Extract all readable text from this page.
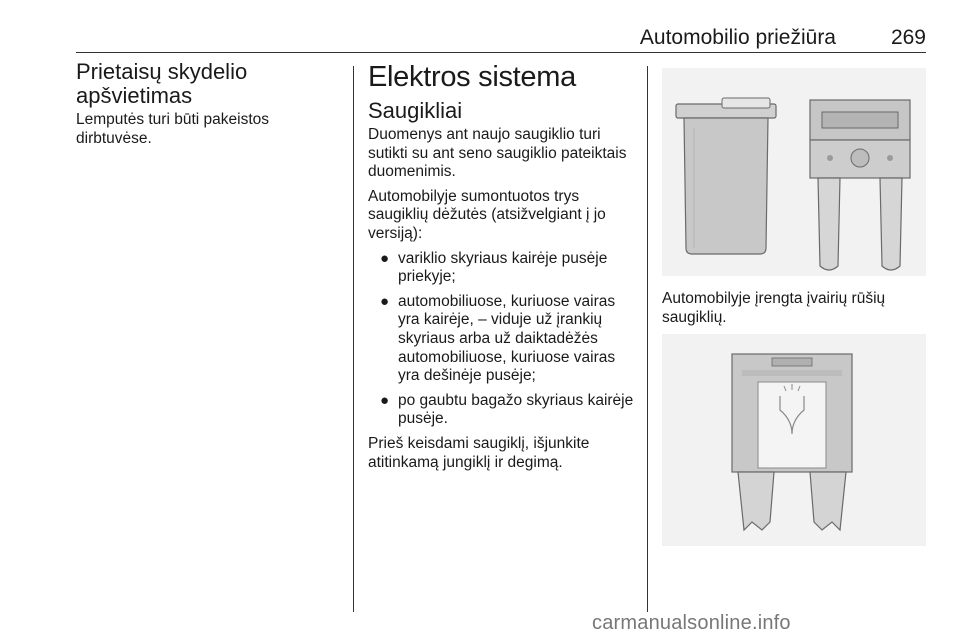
Automobilio priežiūra	269
Prietaisų skydelio apšvietimas

Lemputės turi būti pakeistos dirbtuvėse.

Elektros sistema
Saugikliai

Duomenys ant naujo saugiklio turi sutikti su ant seno saugiklio pateiktais duomenimis.

Automobilyje sumontuotos trys saugiklių dėžutės (atsižvelgiant į jo versiją):

● variklio skyriaus kairėje pusėje priekyje;
● automobiliuose, kuriuose vairas yra kairėje, – viduje už įrankių skyriaus arba už daiktadėžės automobiliuose, kuriuose vairas yra dešinėje pusėje;
● po gaubtu bagažo skyriaus kairėje pusėje.

Prieš keisdami saugiklį, išjunkite atitinkamą jungiklį ir degimą.

Automobilyje įrengta įvairių rūšių saugiklių.

carmanualsonline.info
